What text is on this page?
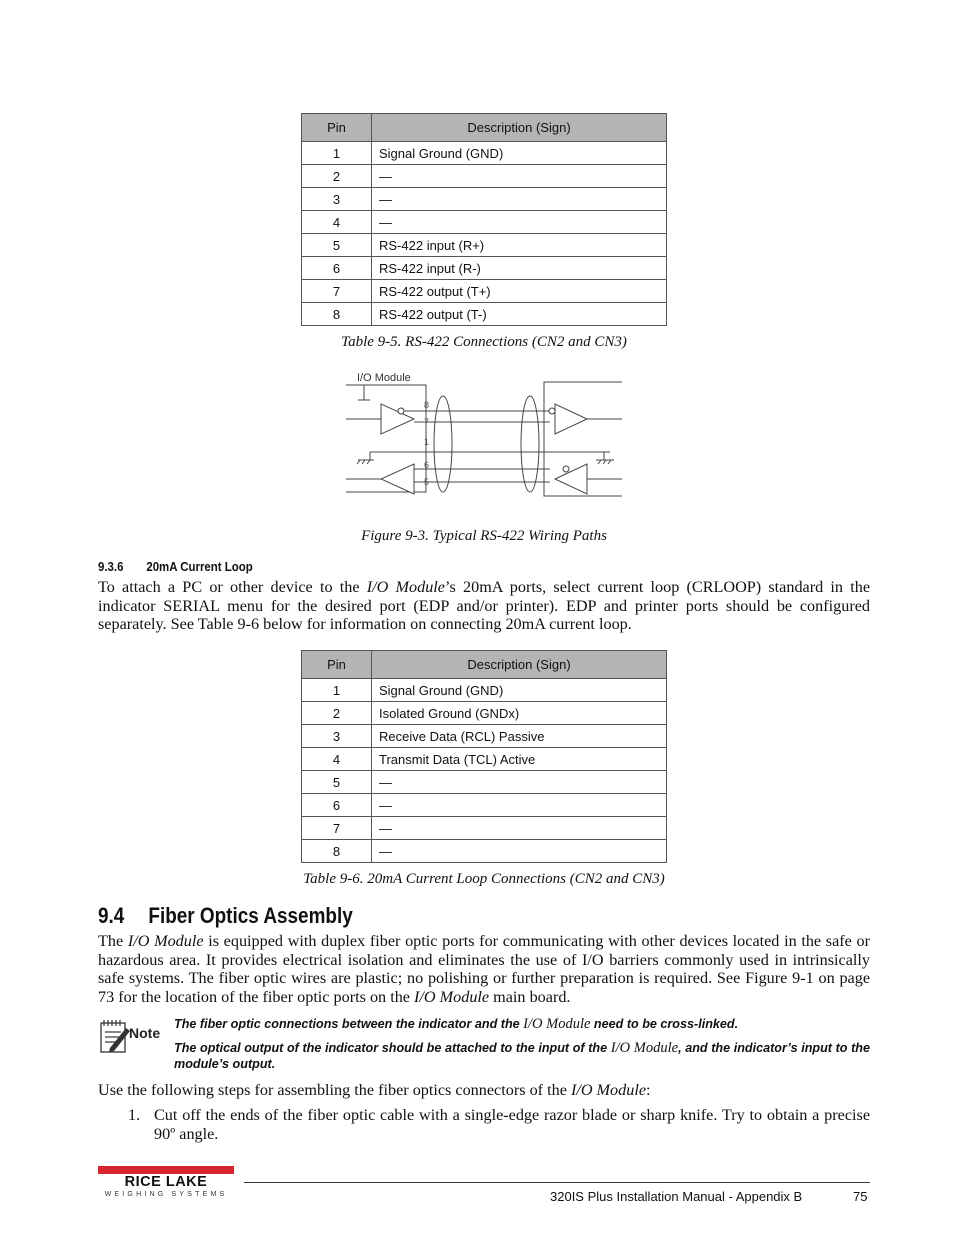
Pin	Description (Sign)
1	Signal Ground (GND)
2	—
3	—
4	—
5	RS-422 input (R+)
6	RS-422 input (R-)
7	RS-422 output (T+)
8	RS-422 output (T-)
Table 9-5. RS-422 Connections (CN2 and CN3)
I/O Module
8
7
1
6
5
Figure 9-3. Typical RS-422 Wiring Paths
9.3.6 20mA Current Loop
To attach a PC or other device to the I/O Module’s 20mA ports, select current loop (CRLOOP) standard in the indicator SERIAL menu for the desired port (EDP and/or printer). EDP and printer ports should be configured separately. See Table 9-6 below for information on connecting 20mA current loop.
Pin	Description (Sign)
1	Signal Ground (GND)
2	Isolated Ground (GNDx)
3	Receive Data (RCL) Passive
4	Transmit Data (TCL) Active
5	—
6	—
7	—
8	—
Table 9-6. 20mA Current Loop Connections (CN2 and CN3)
9.4 Fiber Optics Assembly
The I/O Module is equipped with duplex fiber optic ports for communicating with other devices located in the safe or hazardous area. It provides electrical isolation and eliminates the use of I/O barriers commonly used in intrinsically safe systems. The fiber optic wires are plastic; no polishing or further preparation is required. See Figure 9-1 on page 73 for the location of the fiber optic ports on the I/O Module main board.
Note
The fiber optic connections between the indicator and the I/O Module need to be cross-linked.
The optical output of the indicator should be attached to the input of the I/O Module, and the indicator’s input to the module’s output.
Use the following steps for assembling the fiber optics connectors of the I/O Module:
1. Cut off the ends of the fiber optic cable with a single-edge razor blade or sharp knife. Try to obtain a precise 90º angle.
RICE LAKE
WEIGHING SYSTEMS	320IS Plus Installation Manual - Appendix B	75
